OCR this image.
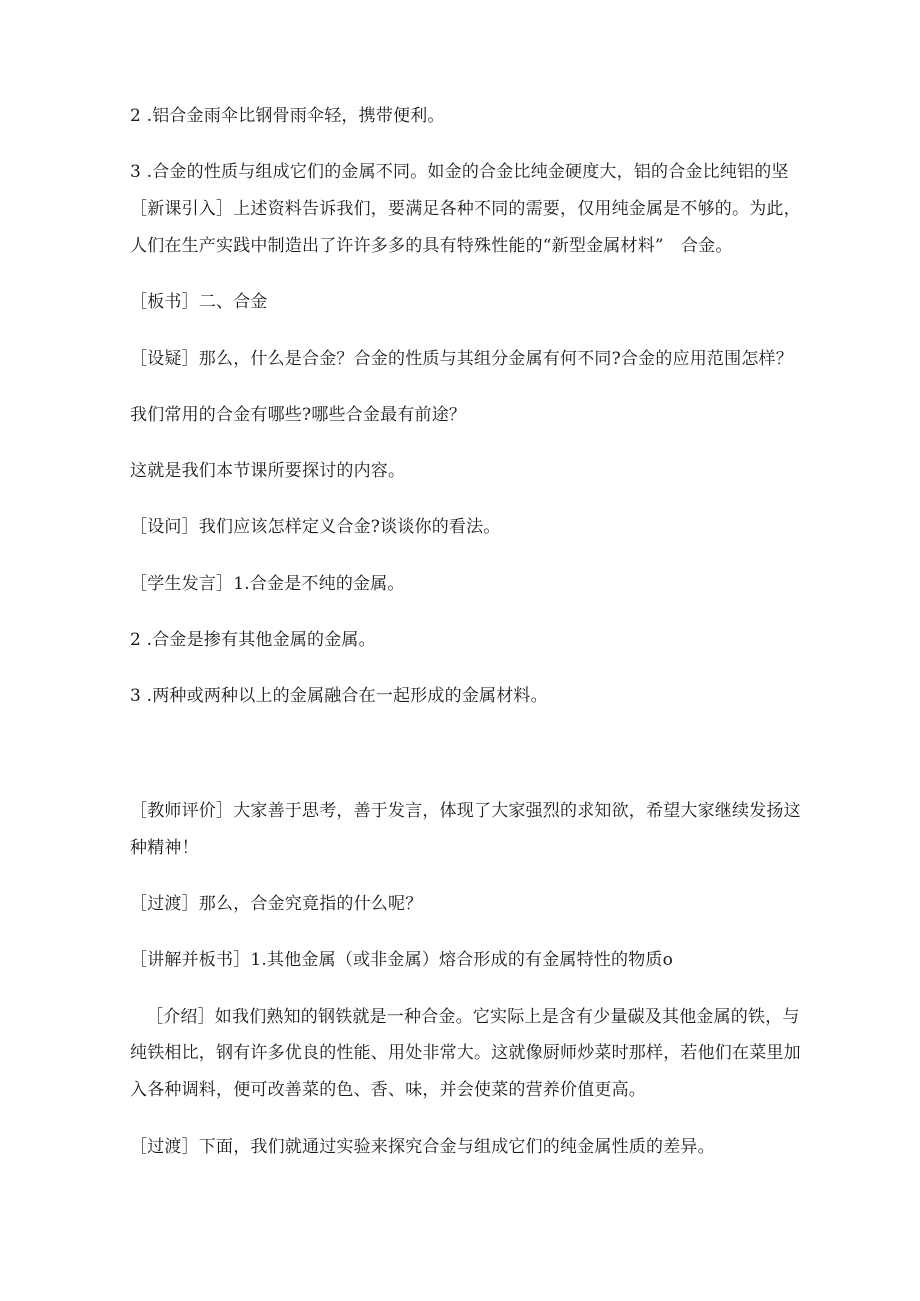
2 .铝合金雨伞比钢骨雨伞轻，携带便利。
3 .合金的性质与组成它们的金属不同。如金的合金比纯金硬度大，铝的合金比纯铝的坚
［新课引入］上述资料告诉我们，要满足各种不同的需要，仅用纯金属是不够的。为此，
人们在生产实践中制造出了许许多多的具有特殊性能的“新型金属材料”　合金。
［板书］二、合金
［设疑］那么，什么是合金？合金的性质与其组分金属有何不同?合金的应用范围怎样？
我们常用的合金有哪些?哪些合金最有前途？
这就是我们本节课所要探讨的内容。
［设问］我们应该怎样定义合金?谈谈你的看法。
［学生发言］1.合金是不纯的金属。
2 .合金是掺有其他金属的金属。
3 .两种或两种以上的金属融合在一起形成的金属材料。
［教师评价］大家善于思考，善于发言，体现了大家强烈的求知欲，希望大家继续发扬这
种精神！
［过渡］那么，合金究竟指的什么呢？
［讲解并板书］1.其他金属（或非金属）熔合形成的有金属特性的物质o
［介绍］如我们熟知的钢铁就是一种合金。它实际上是含有少量碳及其他金属的铁，与
纯铁相比，钢有许多优良的性能、用处非常大。这就像厨师炒菜时那样，若他们在菜里加
入各种调料，便可改善菜的色、香、味，并会使菜的营养价值更高。
［过渡］下面，我们就通过实验来探究合金与组成它们的纯金属性质的差异。
